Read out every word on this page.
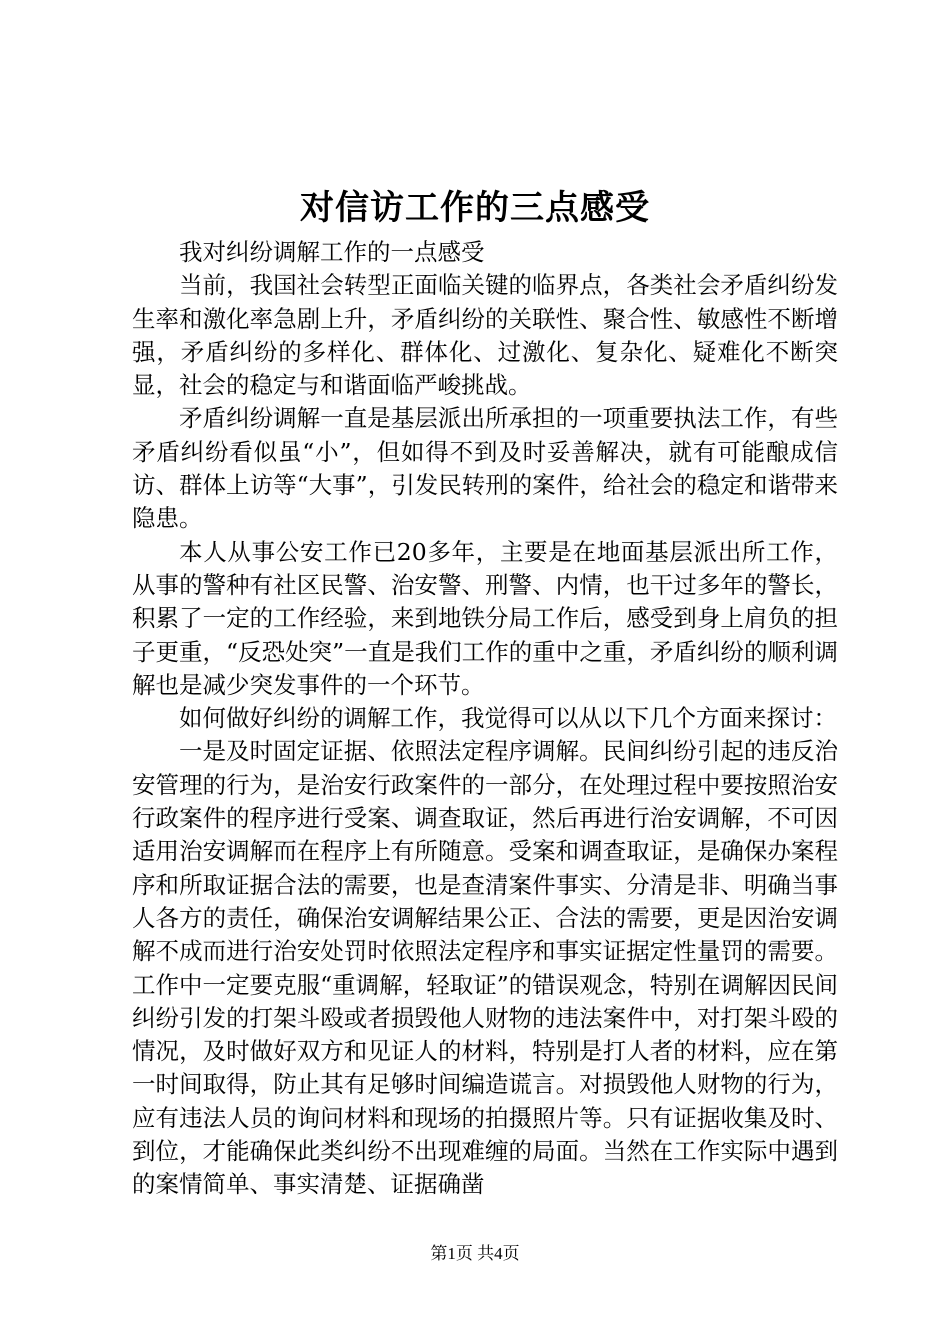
对信访工作的三点感受

我对纠纷调解工作的一点感受

当前，我国社会转型正面临关键的临界点，各类社会矛盾纠纷发生率和激化率急剧上升，矛盾纠纷的关联性、聚合性、敏感性不断增强，矛盾纠纷的多样化、群体化、过激化、复杂化、疑难化不断突显，社会的稳定与和谐面临严峻挑战。

矛盾纠纷调解一直是基层派出所承担的一项重要执法工作，有些矛盾纠纷看似虽“小”，但如得不到及时妥善解决，就有可能酿成信访、群体上访等“大事”，引发民转刑的案件，给社会的稳定和谐带来隐患。

本人从事公安工作已20多年，主要是在地面基层派出所工作，从事的警种有社区民警、治安警、刑警、内情，也干过多年的警长，积累了一定的工作经验，来到地铁分局工作后，感受到身上肩负的担子更重，“反恐处突”一直是我们工作的重中之重，矛盾纠纷的顺利调解也是减少突发事件的一个环节。

如何做好纠纷的调解工作，我觉得可以从以下几个方面来探讨：

一是及时固定证据、依照法定程序调解。民间纠纷引起的违反治安管理的行为，是治安行政案件的一部分，在处理过程中要按照治安行政案件的程序进行受案、调查取证，然后再进行治安调解，不可因适用治安调解而在程序上有所随意。受案和调查取证，是确保办案程序和所取证据合法的需要，也是查清案件事实、分清是非、明确当事人各方的责任，确保治安调解结果公正、合法的需要，更是因治安调解不成而进行治安处罚时依照法定程序和事实证据定性量罚的需要。工作中一定要克服“重调解，轻取证”的错误观念，特别在调解因民间纠纷引发的打架斗殴或者损毁他人财物的违法案件中，对打架斗殴的情况，及时做好双方和见证人的材料，特别是打人者的材料，应在第一时间取得，防止其有足够时间编造谎言。对损毁他人财物的行为，应有违法人员的询问材料和现场的拍摄照片等。只有证据收集及时、到位，才能确保此类纠纷不出现难缠的局面。当然在工作实际中遇到的案情简单、事实清楚、证据确凿

第1页 共4页
